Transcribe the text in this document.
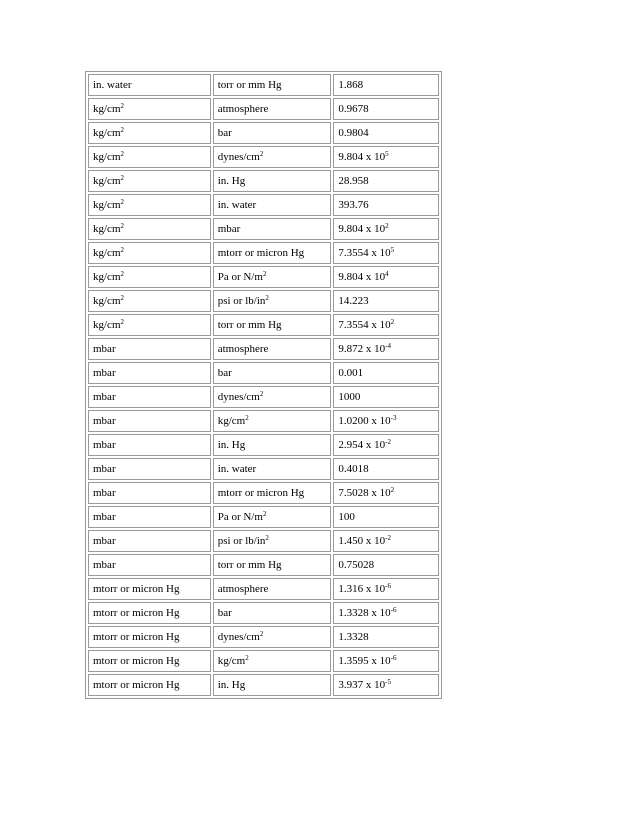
in. water	torr or mm Hg	1.868
$kg/cm^2$	atmosphere	0.9678
$kg/cm^2$	bar	0.9804
$kg/cm^2$	dynes/$cm^2$	9.804 x $10^5$
$kg/cm^2$	in. Hg	28.958
$kg/cm^2$	in. water	393.76
$kg/cm^2$	mbar	9.804 x $10^2$
$kg/cm^2$	mtorr or micron Hg	7.3554 x $10^5$
$kg/cm^2$	Pa or $N/m^2$	9.804 x $10^4$
$kg/cm^2$	psi or $lb/in^2$	14.223
$kg/cm^2$	torr or mm Hg	7.3554 x $10^2$
mbar	atmosphere	9.872 x $10^{-4}$
mbar	bar	0.001
mbar	dynes/$cm^2$	1000
mbar	$kg/cm^2$	1.0200 x $10^{-3}$
mbar	in. Hg	2.954 x $10^{-2}$
mbar	in. water	0.4018
mbar	mtorr or micron Hg	7.5028 x $10^2$
mbar	Pa or $N/m^2$	100
mbar	psi or $lb/in^2$	1.450 x $10^{-2}$
mbar	torr or mm Hg	0.75028
mtorr or micron Hg	atmosphere	1.316 x $10^{-6}$
mtorr or micron Hg	bar	1.3328 x $10^{-6}$
mtorr or micron Hg	dynes/$cm^2$	1.3328
mtorr or micron Hg	$kg/cm^2$	1.3595 x $10^{-6}$
mtorr or micron Hg	in. Hg	3.937 x $10^{-5}$
